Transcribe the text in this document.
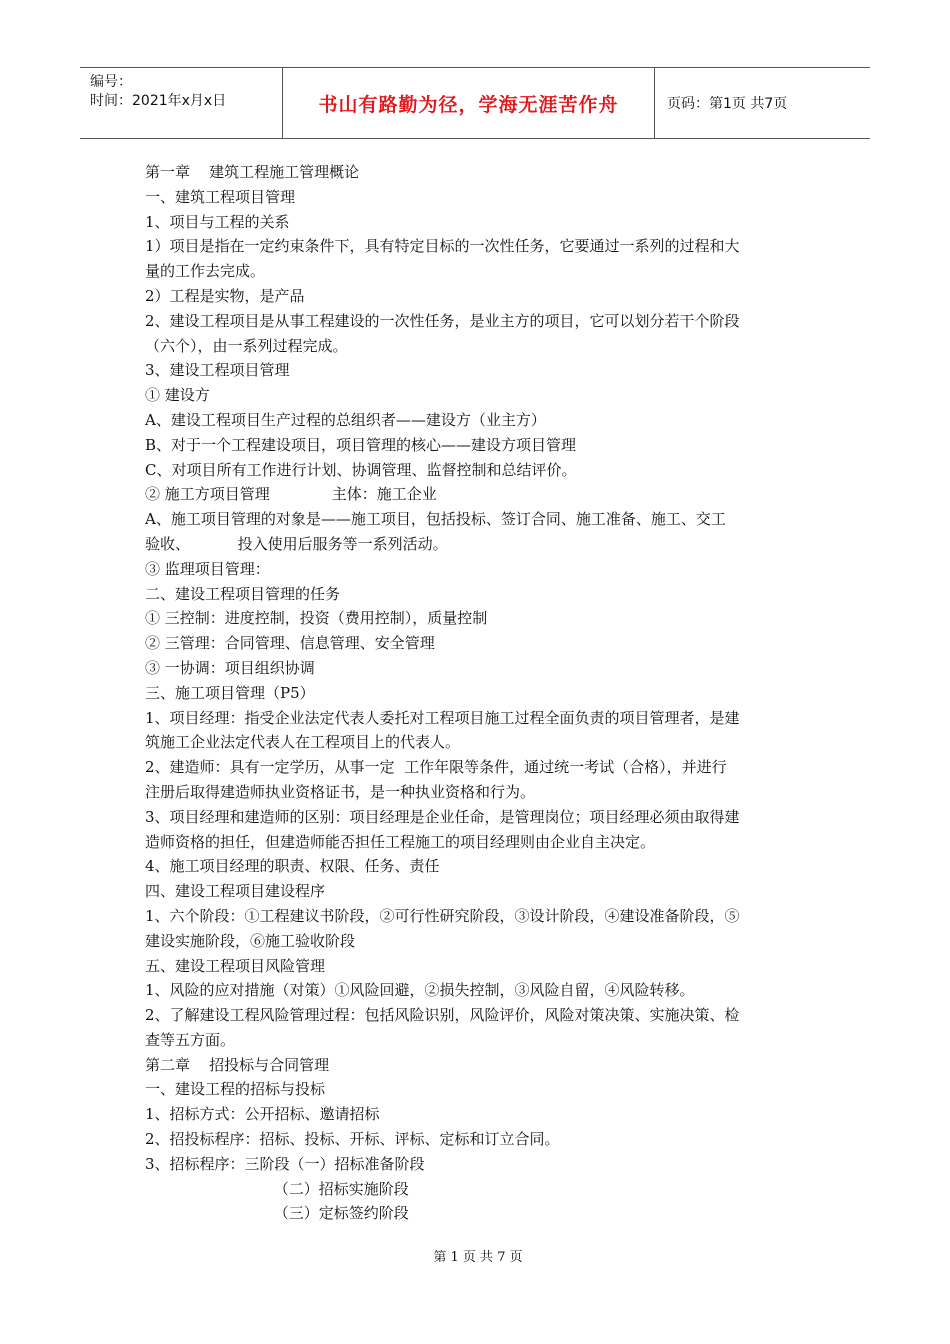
编号：
时间：2021年x月x日	书山有路勤为径，学海无涯苦作舟	页码：第1页 共7页
第一章    建筑工程施工管理概论
一、建筑工程项目管理
1、项目与工程的关系
1）项目是指在一定约束条件下，具有特定目标的一次性任务，它要通过一系列的过程和大
量的工作去完成。
2）工程是实物，是产品
2、建设工程项目是从事工程建设的一次性任务，是业主方的项目，它可以划分若干个阶段
（六个），由一系列过程完成。
3、建设工程项目管理
① 建设方
A、建设工程项目生产过程的总组织者——建设方（业主方）
B、对于一个工程建设项目，项目管理的核心——建设方项目管理
C、对项目所有工作进行计划、协调管理、监督控制和总结评价。
② 施工方项目管理             主体：施工企业
A、施工项目管理的对象是——施工项目，包括投标、签订合同、施工准备、施工、交工
验收、          投入使用后服务等一系列活动。
③ 监理项目管理：
二、建设工程项目管理的任务
① 三控制：进度控制，投资（费用控制），质量控制
② 三管理：合同管理、信息管理、安全管理
③ 一协调：项目组织协调
三、施工项目管理（P5）
1、项目经理：指受企业法定代表人委托对工程项目施工过程全面负责的项目管理者，是建
筑施工企业法定代表人在工程项目上的代表人。
2、建造师：具有一定学历，从事一定  工作年限等条件，通过统一考试（合格），并进行
注册后取得建造师执业资格证书，是一种执业资格和行为。
3、项目经理和建造师的区别：项目经理是企业任命，是管理岗位；项目经理必须由取得建
造师资格的担任，但建造师能否担任工程施工的项目经理则由企业自主决定。
4、施工项目经理的职责、权限、任务、责任
四、建设工程项目建设程序
1、六个阶段：①工程建议书阶段，②可行性研究阶段，③设计阶段，④建设准备阶段，⑤
建设实施阶段，⑥施工验收阶段
五、建设工程项目风险管理
1、风险的应对措施（对策）①风险回避，②损失控制，③风险自留，④风险转移。
2、了解建设工程风险管理过程：包括风险识别，风险评价，风险对策决策、实施决策、检
查等五方面。
第二章    招投标与合同管理
一、建设工程的招标与投标
1、招标方式：公开招标、邀请招标
2、招投标程序：招标、投标、开标、评标、定标和订立合同。
3、招标程序：三阶段（一）招标准备阶段
（二）招标实施阶段
（三）定标签约阶段
第 1 页 共 7 页
